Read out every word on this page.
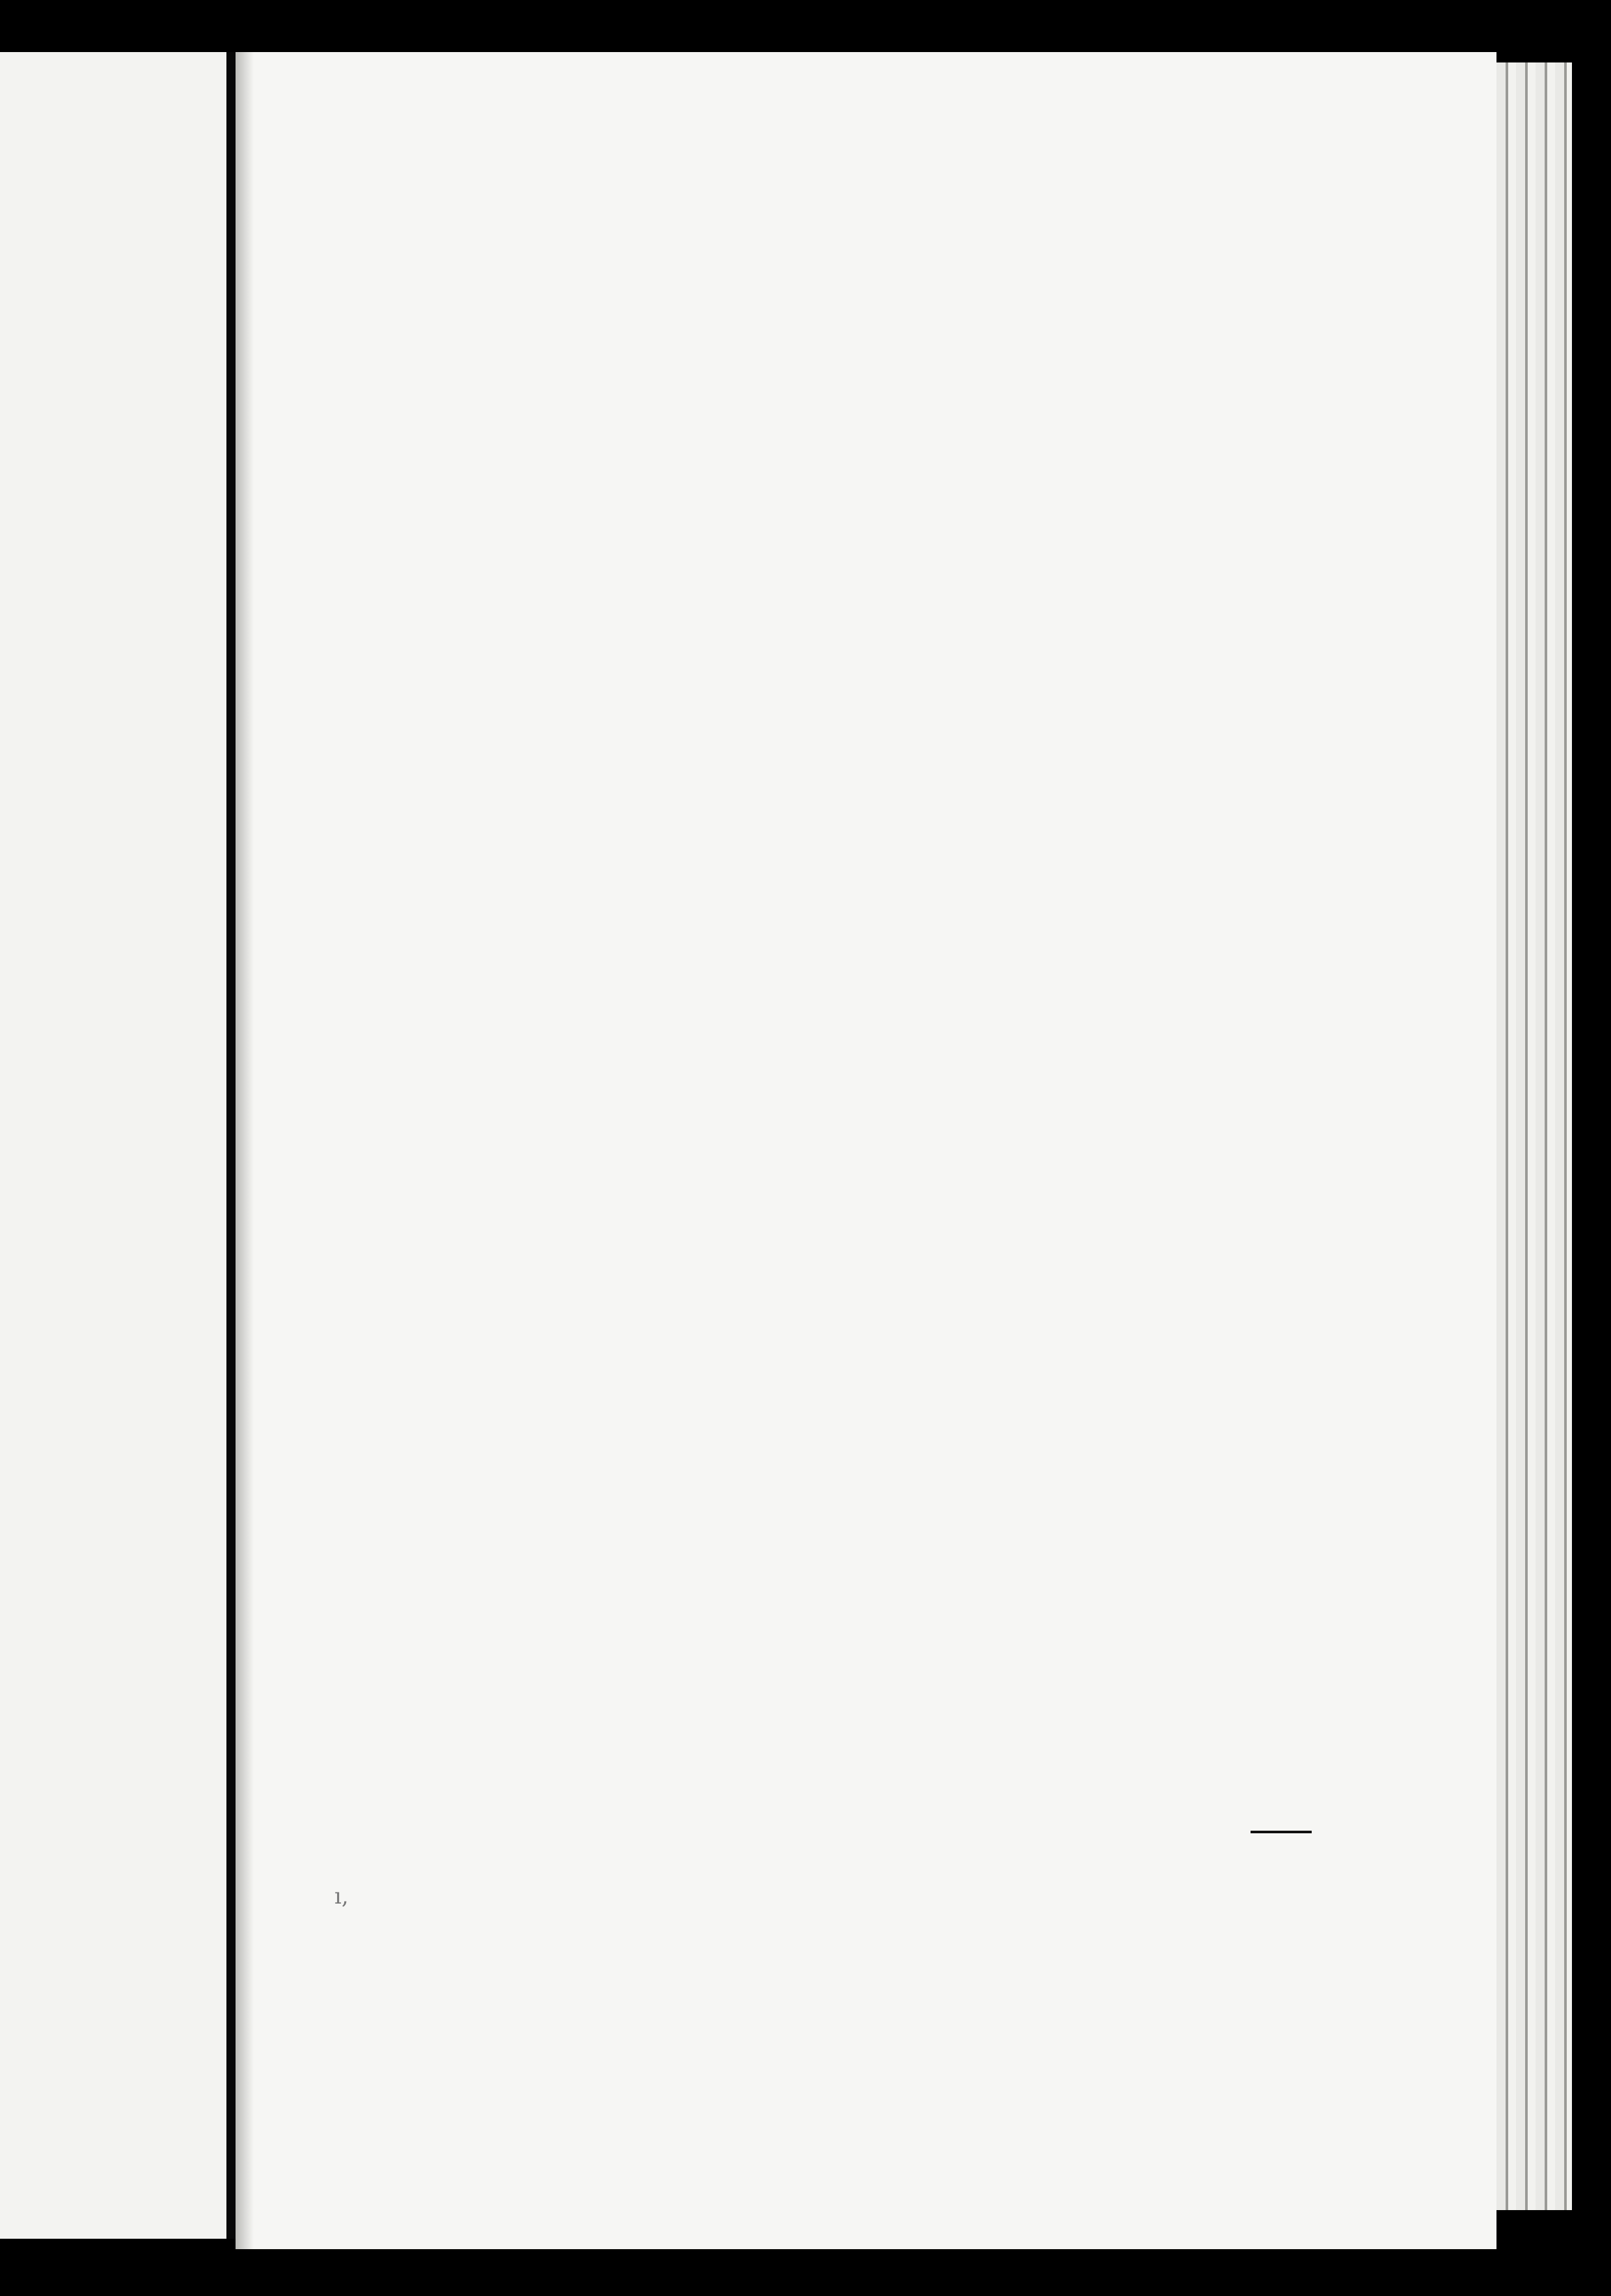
ı,
